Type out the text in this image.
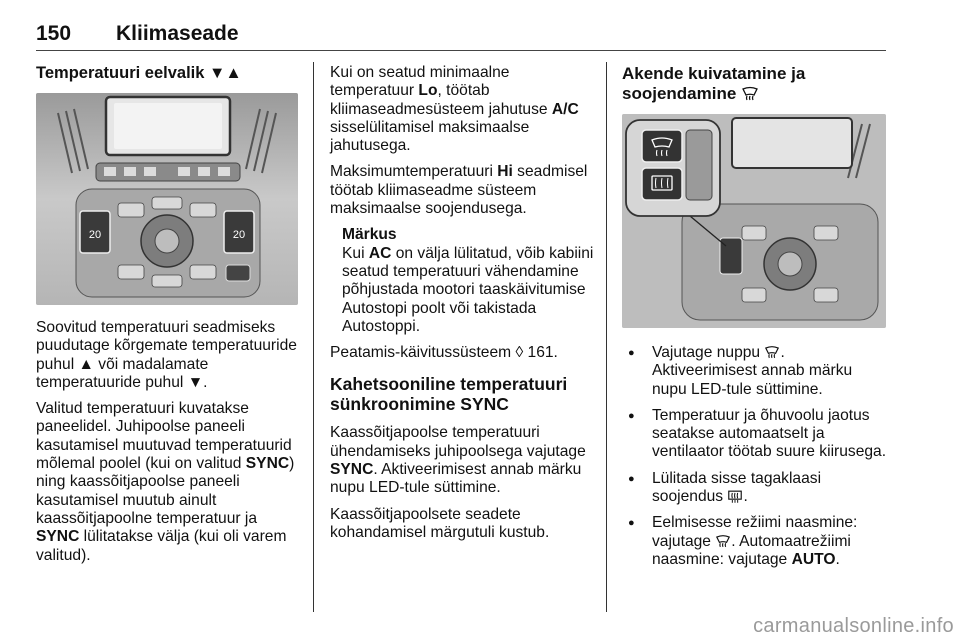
150 Kliimaseade
Temperatuuri eelvalik ▼▲
20	20

Soovitud temperatuuri seadmiseks puudutage kõrgemate temperatuuride puhul ▲ või madalamate temperatuuride puhul ▼.

Valitud temperatuuri kuvatakse paneelidel. Juhipoolse paneeli kasutamisel muutuvad temperatuurid mõlemal poolel (kui on valitud SYNC) ning kaassõitjapoolse paneeli kasutamisel muutub ainult kaassõitjapoolne temperatuur ja SYNC lülitatakse välja (kui oli varem valitud).

Kui on seatud minimaalne temperatuur Lo, töötab kliimaseadmesüsteem jahutuse A/C sisselülitamisel maksimaalse jahutusega.

Maksimumtemperatuuri Hi seadmisel töötab kliimaseadme süsteem maksimaalse soojendusega.

Märkus
Kui AC on välja lülitatud, võib kabiini seatud temperatuuri vähendamine põhjustada mootori taaskäivitumise Autostopi poolt või takistada Autostoppi.

Peatamis-käivitussüsteem ◊ 161.

Kahetsooniline temperatuuri sünkroonimine SYNC

Kaassõitjapoolse temperatuuri ühendamiseks juhipoolsega vajutage SYNC. Aktiveerimisest annab märku nupu LED-tule süttimine.

Kaassõitjapoolsete seadete kohandamisel märgutuli kustub.

Akende kuivatamine ja soojendamine
● Vajutage nuppu . Aktiveerimisest annab märku nupu LED-tule süttimine.
● Temperatuur ja õhuvoolu jaotus seatakse automaatselt ja ventilaator töötab suure kiirusega.
● Lülitada sisse tagaklaasi soojendus .
● Eelmisesse režiimi naasmine: vajutage . Automaatrežiimi naasmine: vajutage AUTO.
carmanualsonline.info
